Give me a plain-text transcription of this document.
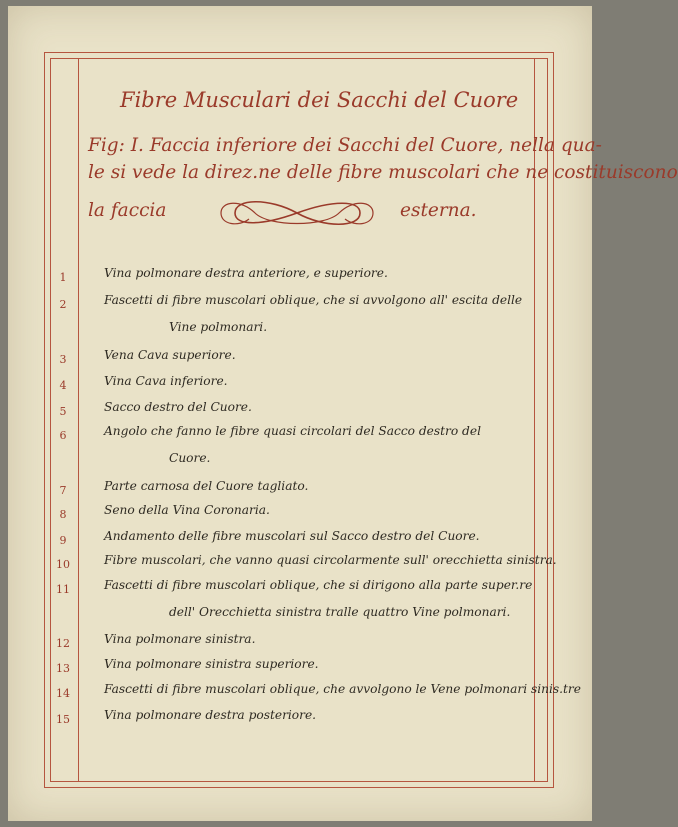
Fibre Musculari dei Sacchi del Cuore
Fig: I. Faccia inferiore dei Sacchi del Cuore, nella qua-
le si vede la direz.ne delle fibre muscolari che ne costituiscono
la faccia	esterna.
1	Vina polmonare destra anteriore, e superiore.
2	Fascetti di fibre muscolari oblique, che si avvolgono all' escita delle
Vine polmonari.
3	Vena Cava superiore.
4	Vina Cava inferiore.
5	Sacco destro del Cuore.
6	Angolo che fanno le fibre quasi circolari del Sacco destro del
Cuore.
7	Parte carnosa del Cuore tagliato.
8	Seno della Vina Coronaria.
9	Andamento delle fibre muscolari sul Sacco destro del Cuore.
10	Fibre muscolari, che vanno quasi circolarmente sull' orecchietta sinistra.
11	Fascetti di fibre muscolari oblique, che si dirigono alla parte super.re
dell' Orecchietta sinistra tralle quattro Vine polmonari.
12	Vina polmonare sinistra.
13	Vina polmonare sinistra superiore.
14	Fascetti di fibre muscolari oblique, che avvolgono le Vene polmonari sinis.tre
15	Vina polmonare destra posteriore.
